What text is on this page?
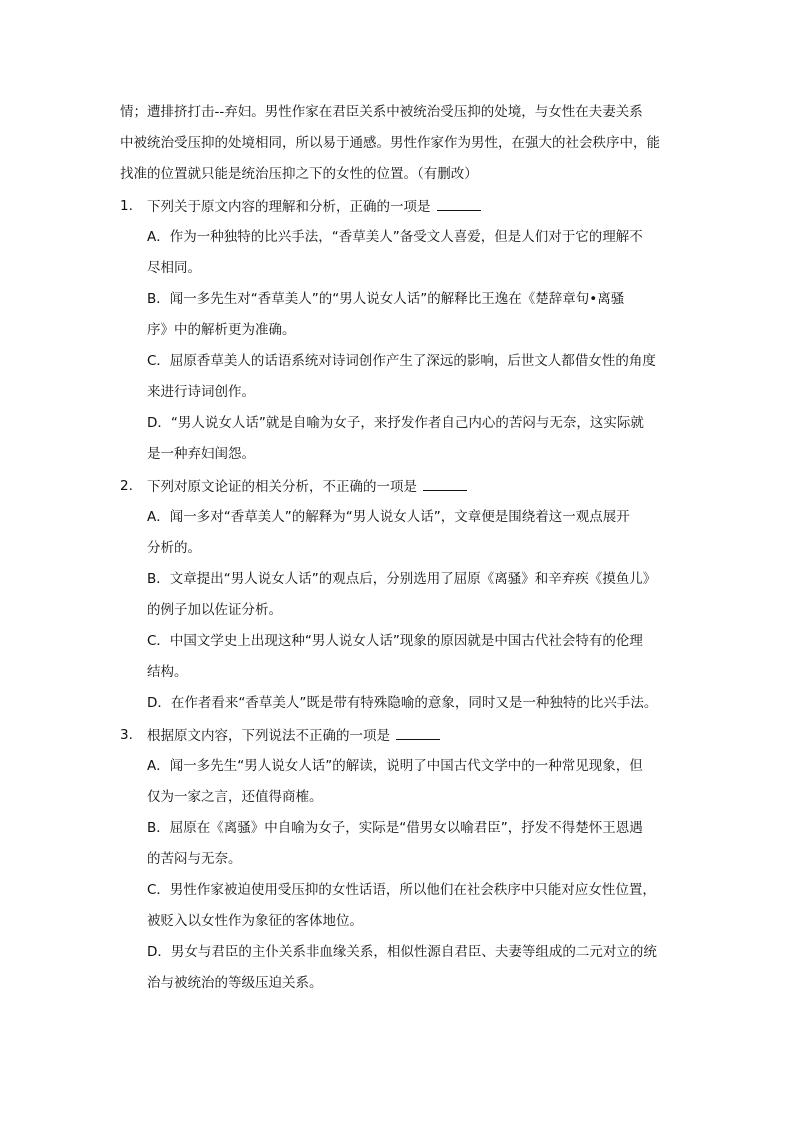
情；遭排挤打击--弃妇。男性作家在君臣关系中被统治受压抑的处境，与女性在夫妻关系
中被统治受压抑的处境相同，所以易于通感。男性作家作为男性，在强大的社会秩序中，能
找准的位置就只能是统治压抑之下的女性的位置。（有删改）
1. 下列关于原文内容的理解和分析，正确的一项是
A．作为一种独特的比兴手法，“香草美人”备受文人喜爱，但是人们对于它的理解不
尽相同。
B．闻一多先生对“香草美人”的“男人说女人话”的解释比王逸在《楚辞章句•离骚
序》中的解析更为准确。
C．屈原香草美人的话语系统对诗词创作产生了深远的影响，后世文人都借女性的角度
来进行诗词创作。
D．“男人说女人话”就是自喻为女子，来抒发作者自己内心的苦闷与无奈，这实际就
是一种弃妇闺怨。
2. 下列对原文论证的相关分析，不正确的一项是
A．闻一多对“香草美人”的解释为“男人说女人话”，文章便是围绕着这一观点展开
分析的。
B．文章提出“男人说女人话”的观点后，分别选用了屈原《离骚》和辛弃疾《摸鱼儿》
的例子加以佐证分析。
C．中国文学史上出现这种“男人说女人话”现象的原因就是中国古代社会特有的伦理
结构。
D．在作者看来“香草美人”既是带有特殊隐喻的意象，同时又是一种独特的比兴手法。
3. 根据原文内容，下列说法不正确的一项是
A．闻一多先生“男人说女人话”的解读，说明了中国古代文学中的一种常见现象，但
仅为一家之言，还值得商榷。
B．屈原在《离骚》中自喻为女子，实际是“借男女以喻君臣”，抒发不得楚怀王恩遇
的苦闷与无奈。
C．男性作家被迫使用受压抑的女性话语，所以他们在社会秩序中只能对应女性位置，
被贬入以女性作为象征的客体地位。
D．男女与君臣的主仆关系非血缘关系，相似性源自君臣、夫妻等组成的二元对立的统
治与被统治的等级压迫关系。
